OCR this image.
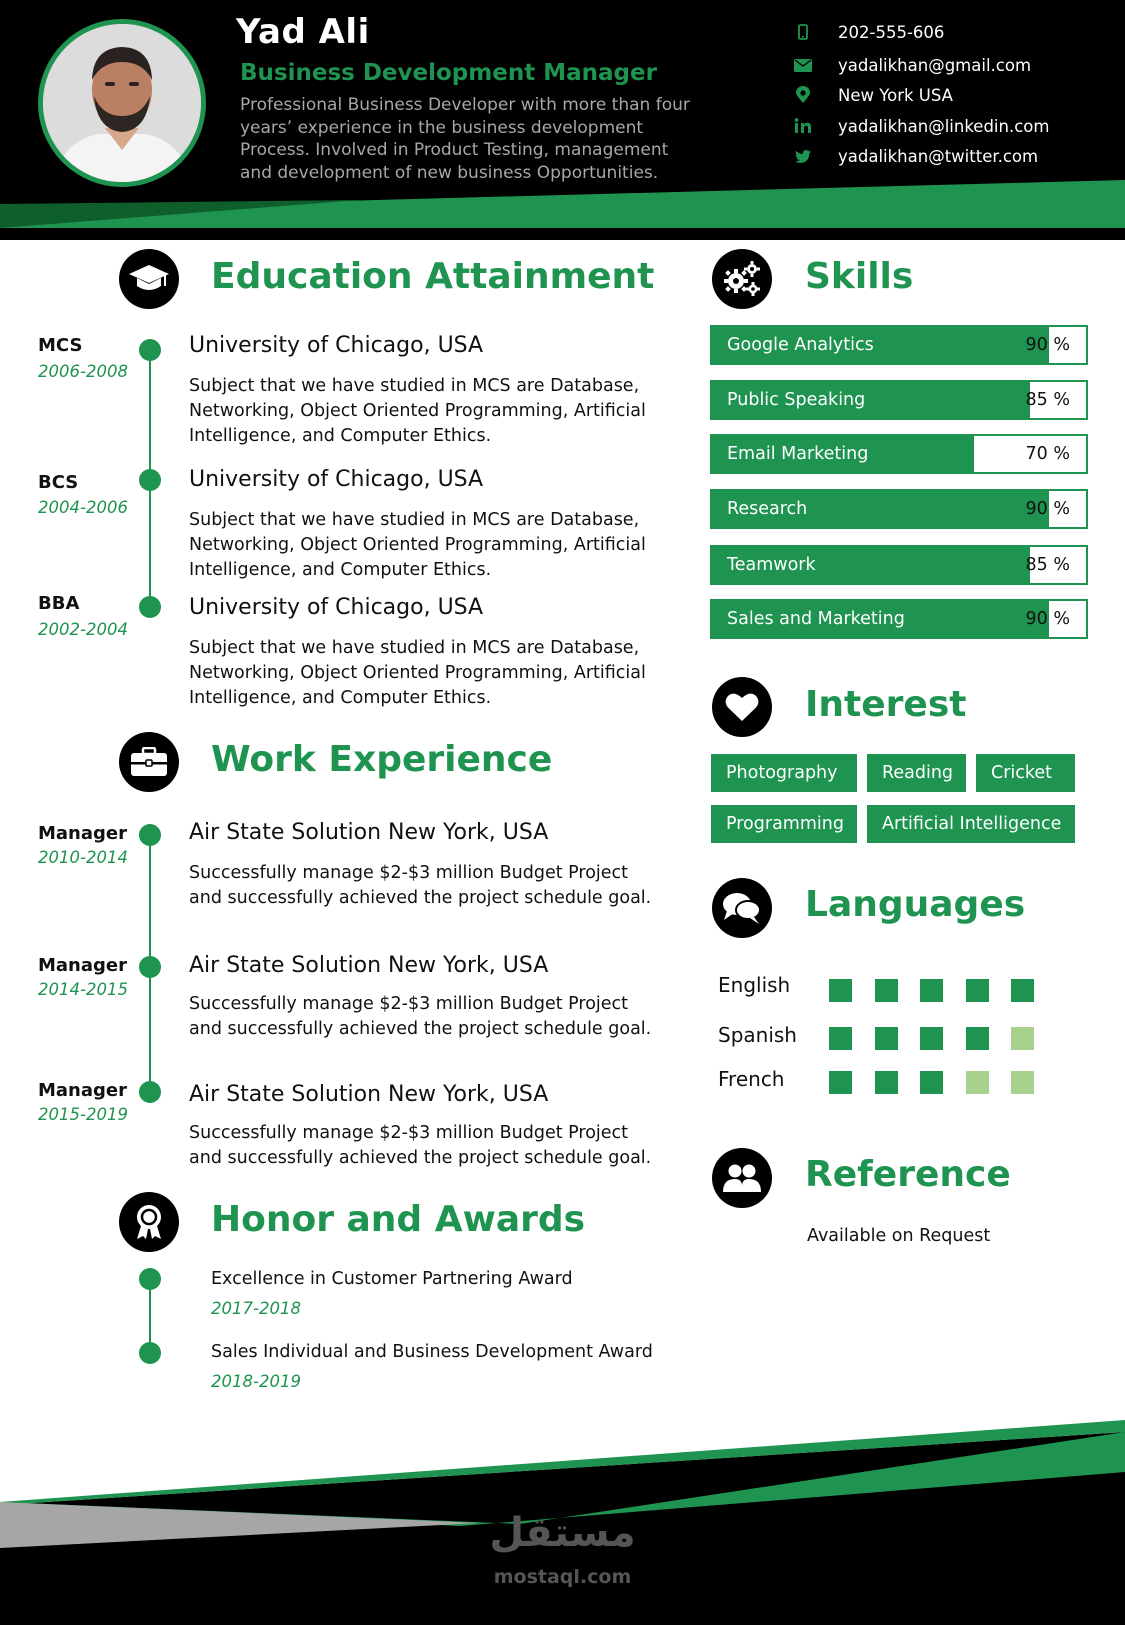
Yad Ali
Business Development Manager
Professional Business Developer with more than four years’ experience in the business development Process. Involved in Product Testing, management and development of new business Opportunities.
202-555-606
yadalikhan@gmail.com
New York USA
yadalikhan@linkedin.com
yadalikhan@twitter.com
Education Attainment
MCS
2006-2008
University of Chicago, USA
Subject that we have studied in MCS are Database, Networking, Object Oriented Programming, Artificial Intelligence, and Computer Ethics.
BCS
2004-2006
University of Chicago, USA
Subject that we have studied in MCS are Database, Networking, Object Oriented Programming, Artificial Intelligence, and Computer Ethics.
BBA
2002-2004
University of Chicago, USA
Subject that we have studied in MCS are Database, Networking, Object Oriented Programming, Artificial Intelligence, and Computer Ethics.
Work Experience
Manager
2010-2014
Air State Solution New York, USA
Successfully manage $2-$3 million Budget Project and successfully achieved the project schedule goal.
Manager
2014-2015
Air State Solution New York, USA
Successfully manage $2-$3 million Budget Project and successfully achieved the project schedule goal.
Manager
2015-2019
Air State Solution New York, USA
Successfully manage $2-$3 million Budget Project and successfully achieved the project schedule goal.
Honor and Awards
Excellence in Customer Partnering Award
2017-2018
Sales Individual and Business Development Award
2018-2019
Skills
Google Analytics	90 %
Public Speaking	85 %
Email Marketing	70 %
Research	90 %
Teamwork	85 %
Sales and Marketing	90 %
Interest
Photography	Reading	Cricket
Programming	Artificial Intelligence
Languages
English
Spanish
French
Reference
Available on Request
مستقل
mostaql.com
